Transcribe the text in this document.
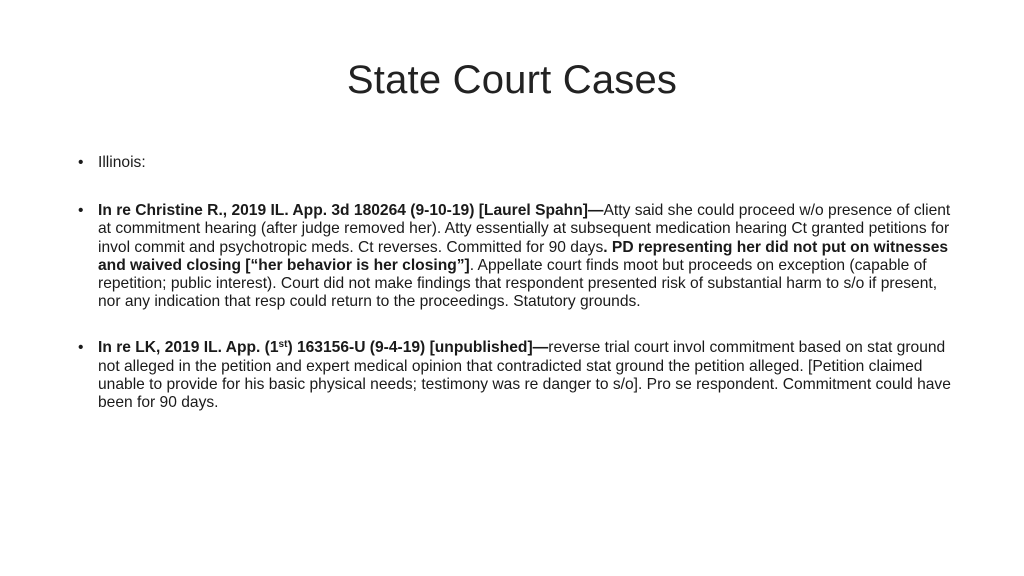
State Court Cases
• Illinois:
• In re Christine R., 2019 IL. App. 3d 180264 (9-10-19) [Laurel Spahn]—Atty said she could proceed w/o presence of client at commitment hearing (after judge removed her). Atty essentially at subsequent medication hearing Ct granted petitions for invol commit and psychotropic meds. Ct reverses. Committed for 90 days. PD representing her did not put on witnesses and waived closing [“her behavior is her closing”]. Appellate court finds moot but proceeds on exception (capable of repetition; public interest). Court did not make findings that respondent presented risk of substantial harm to s/o if present, nor any indication that resp could return to the proceedings. Statutory grounds.
• In re LK, 2019 IL. App. (1st) 163156-U (9-4-19) [unpublished]—reverse trial court invol commitment based on stat ground not alleged in the petition and expert medical opinion that contradicted stat ground the petition alleged. [Petition claimed unable to provide for his basic physical needs; testimony was re danger to s/o]. Pro se respondent. Commitment could have been for 90 days.
